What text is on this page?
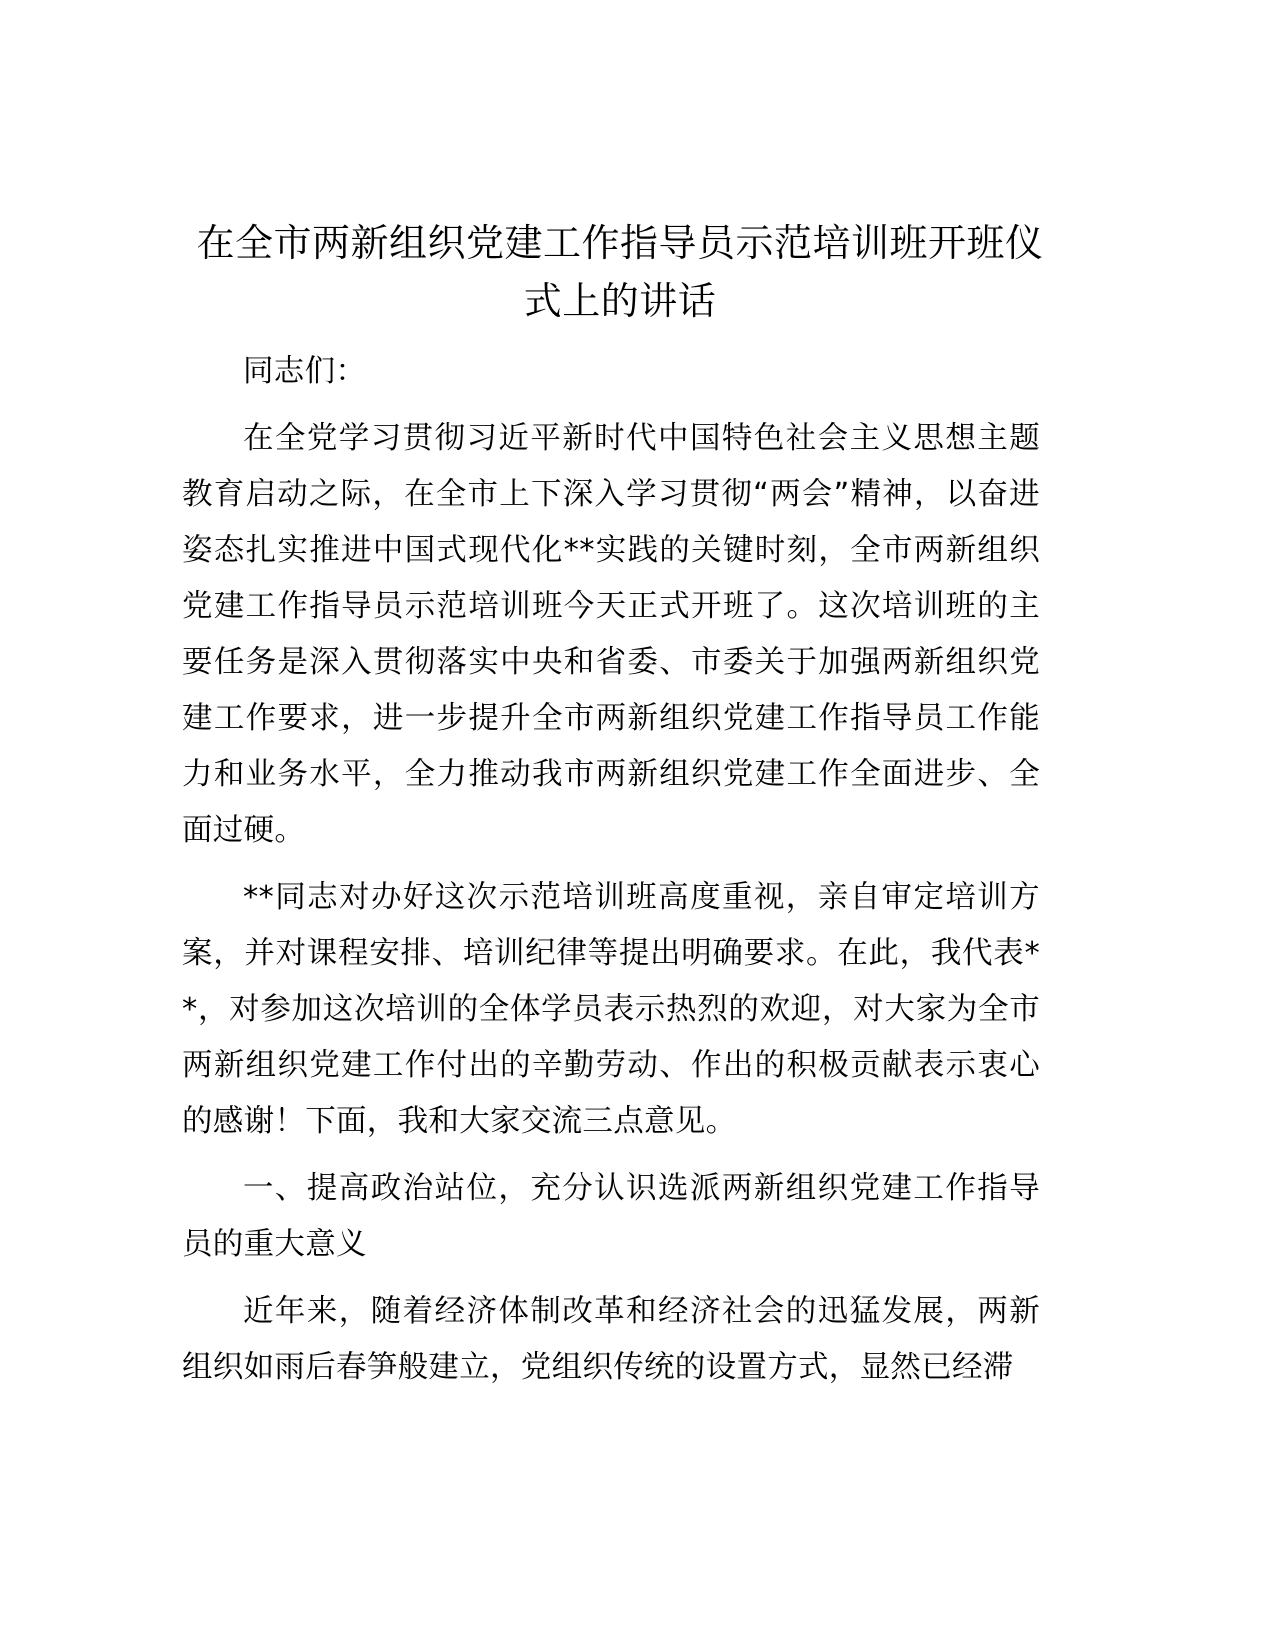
在全市两新组织党建工作指导员示范培训班开班仪式上的讲话

同志们：

在全党学习贯彻习近平新时代中国特色社会主义思想主题教育启动之际，在全市上下深入学习贯彻“两会”精神，以奋进姿态扎实推进中国式现代化**实践的关键时刻，全市两新组织党建工作指导员示范培训班今天正式开班了。这次培训班的主要任务是深入贯彻落实中央和省委、市委关于加强两新组织党建工作要求，进一步提升全市两新组织党建工作指导员工作能力和业务水平，全力推动我市两新组织党建工作全面进步、全面过硬。

**同志对办好这次示范培训班高度重视，亲自审定培训方案，并对课程安排、培训纪律等提出明确要求。在此，我代表**，对参加这次培训的全体学员表示热烈的欢迎，对大家为全市两新组织党建工作付出的辛勤劳动、作出的积极贡献表示衷心的感谢！下面，我和大家交流三点意见。

一、提高政治站位，充分认识选派两新组织党建工作指导员的重大意义

近年来，随着经济体制改革和经济社会的迅猛发展，两新组织如雨后春笋般建立，党组织传统的设置方式，显然已经滞
